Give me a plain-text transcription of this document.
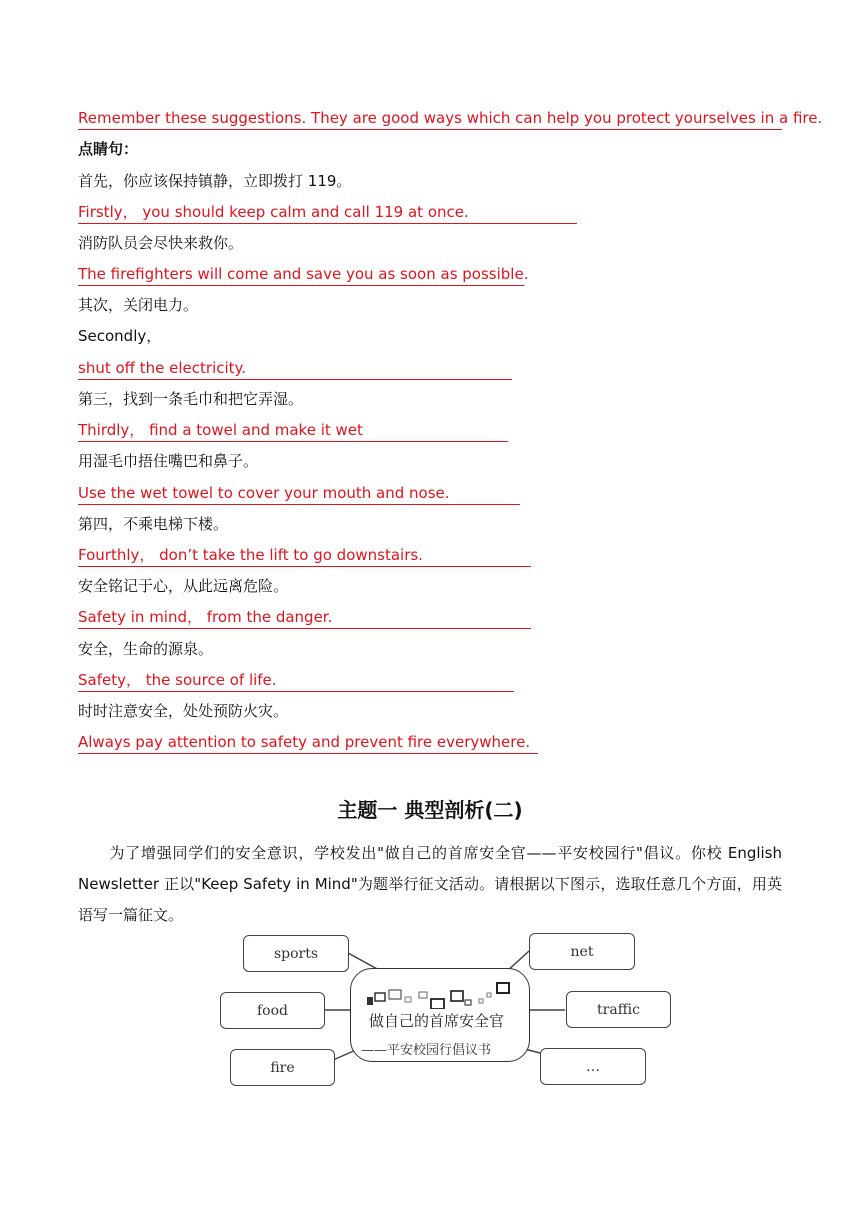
Remember these suggestions. They are good ways which can help you protect yourselves in a fire.
点睛句：
首先，你应该保持镇静，立即拨打 119。
Firstly， you should keep calm and call 119 at once.
消防队员会尽快来救你。
The firefighters will come and save you as soon as possible.
其次，关闭电力。
Secondly，
shut off the electricity.
第三，找到一条毛巾和把它弄湿。
Thirdly， find a towel and make it wet
用湿毛巾捂住嘴巴和鼻子。
Use the wet towel to cover your mouth and nose.
第四，不乘电梯下楼。
Fourthly， don’t take the lift to go downstairs.
安全铭记于心，从此远离危险。
Safety in mind， from the danger.
安全，生命的源泉。
Safety， the source of life.
时时注意安全，处处预防火灾。
Always pay attention to safety and prevent fire everywhere.
主题一 典型剖析(二)

　　为了增强同学们的安全意识，学校发出"做自己的首席安全官——平安校园行"倡议。你校 English Newsletter 正以"Keep Safety in Mind"为题举行征文活动。请根据以下图示，选取任意几个方面，用英语写一篇征文。

sports
food
fire
net
traffic
…
做自己的首席安全官
——平安校园行倡议书
